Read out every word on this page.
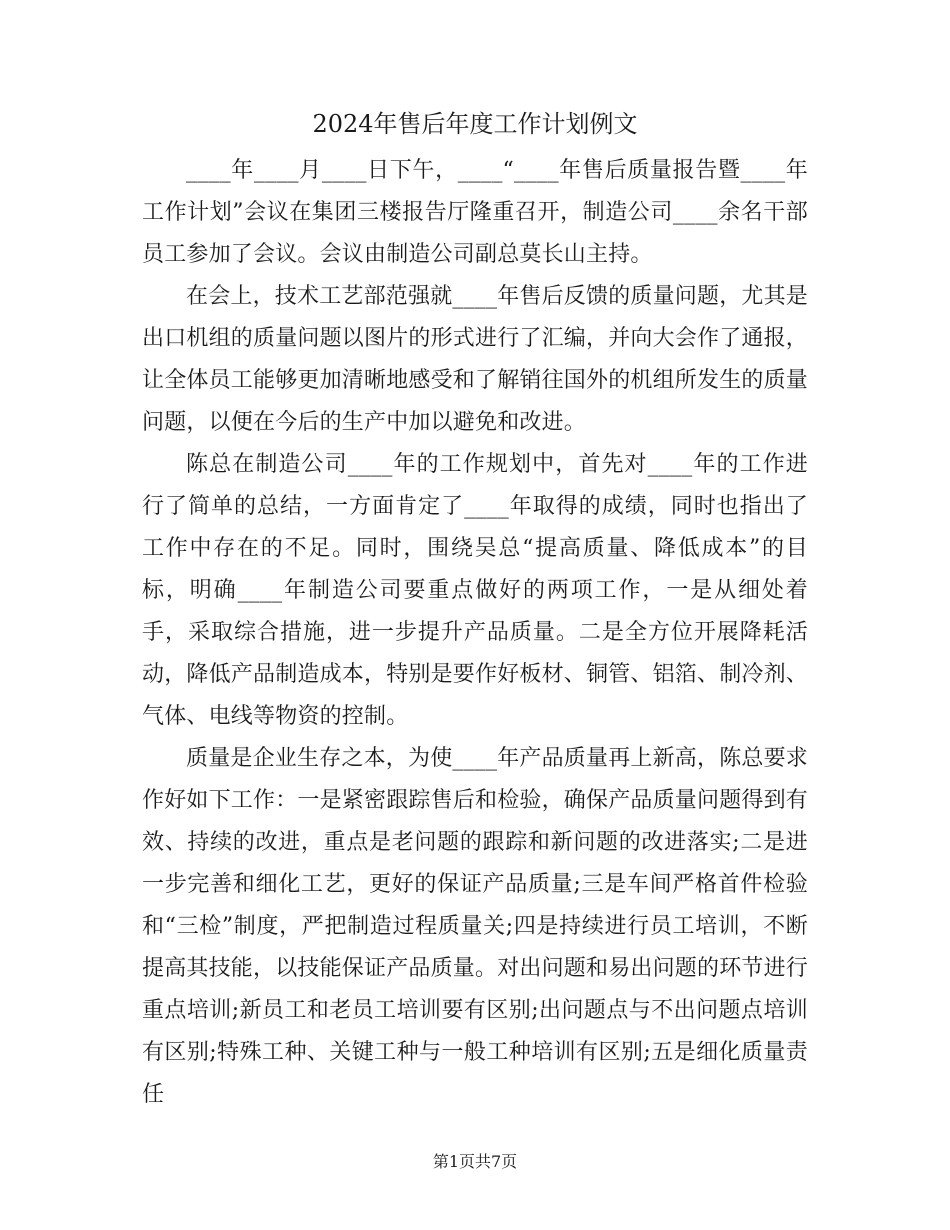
2024年售后年度工作计划例文

____年____月____日下午，____“____年售后质量报告暨____年工作计划”会议在集团三楼报告厅隆重召开，制造公司____余名干部员工参加了会议。会议由制造公司副总莫长山主持。

在会上，技术工艺部范强就____年售后反馈的质量问题，尤其是出口机组的质量问题以图片的形式进行了汇编，并向大会作了通报，让全体员工能够更加清晰地感受和了解销往国外的机组所发生的质量问题，以便在今后的生产中加以避免和改进。

陈总在制造公司____年的工作规划中，首先对____年的工作进行了简单的总结，一方面肯定了____年取得的成绩，同时也指出了工作中存在的不足。同时，围绕吴总“提高质量、降低成本”的目标，明确____年制造公司要重点做好的两项工作，一是从细处着手，采取综合措施，进一步提升产品质量。二是全方位开展降耗活动，降低产品制造成本，特别是要作好板材、铜管、铝箔、制冷剂、气体、电线等物资的控制。

质量是企业生存之本，为使____年产品质量再上新高，陈总要求作好如下工作：一是紧密跟踪售后和检验，确保产品质量问题得到有效、持续的改进，重点是老问题的跟踪和新问题的改进落实;二是进一步完善和细化工艺，更好的保证产品质量;三是车间严格首件检验和“三检”制度，严把制造过程质量关;四是持续进行员工培训，不断提高其技能，以技能保证产品质量。对出问题和易出问题的环节进行重点培训;新员工和老员工培训要有区别;出问题点与不出问题点培训有区别;特殊工种、关键工种与一般工种培训有区别;五是细化质量责任

第1页共7页
